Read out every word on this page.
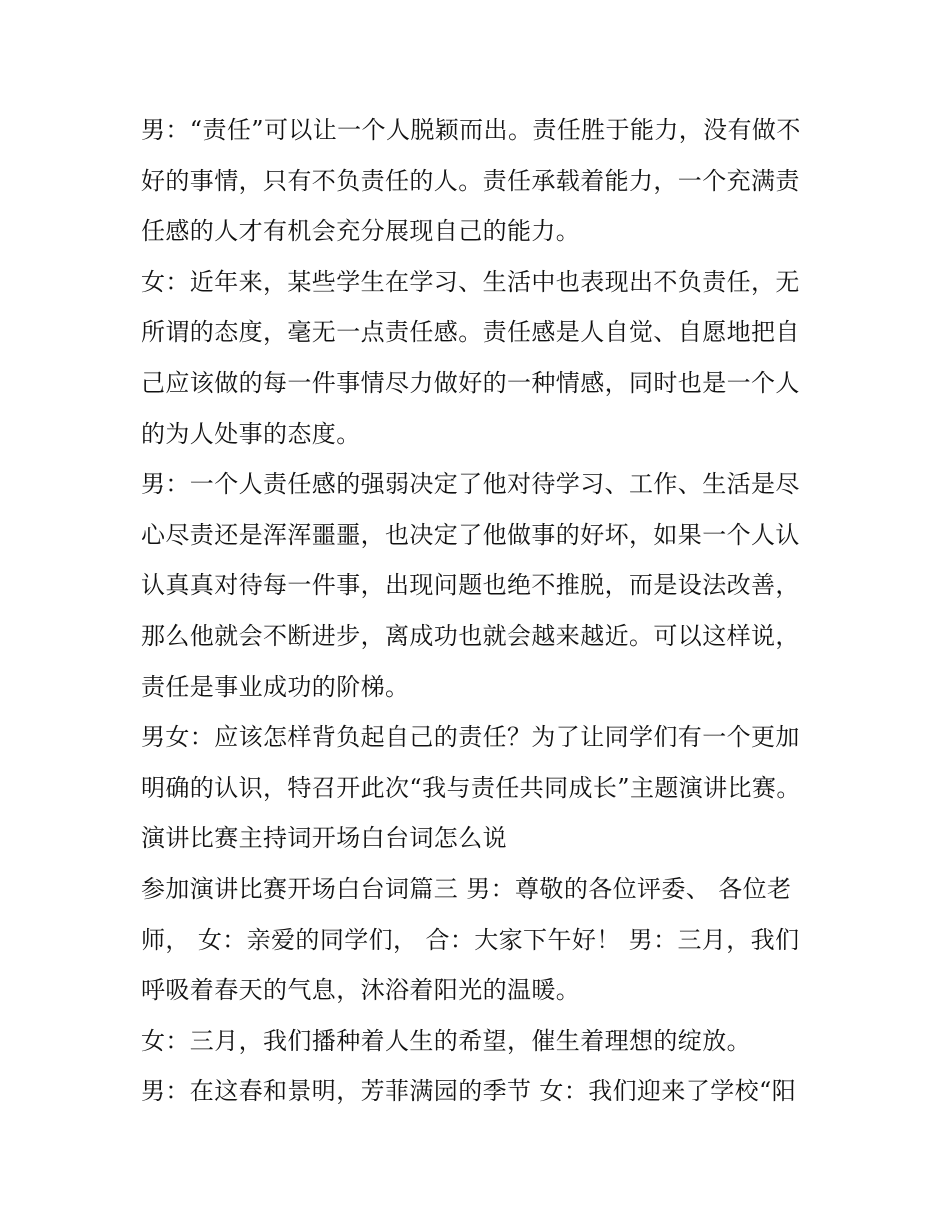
男：“责任”可以让一个人脱颖而出。责任胜于能力，没有做不好的事情，只有不负责任的人。责任承载着能力，一个充满责任感的人才有机会充分展现自己的能力。

女：近年来，某些学生在学习、生活中也表现出不负责任，无所谓的态度，毫无一点责任感。责任感是人自觉、自愿地把自己应该做的每一件事情尽力做好的一种情感，同时也是一个人的为人处事的态度。

男：一个人责任感的强弱决定了他对待学习、工作、生活是尽心尽责还是浑浑噩噩，也决定了他做事的好坏，如果一个人认认真真对待每一件事，出现问题也绝不推脱，而是设法改善，那么他就会不断进步，离成功也就会越来越近。可以这样说，责任是事业成功的阶梯。

男女：应该怎样背负起自己的责任？为了让同学们有一个更加明确的认识，特召开此次“我与责任共同成长”主题演讲比赛。

演讲比赛主持词开场白台词怎么说

参加演讲比赛开场白台词篇三 男：尊敬的各位评委、 各位老师， 女：亲爱的同学们， 合：大家下午好！ 男：三月，我们呼吸着春天的气息，沐浴着阳光的温暖。

女：三月，我们播种着人生的希望，催生着理想的绽放。

男：在这春和景明，芳菲满园的季节 女：我们迎来了学校“阳
